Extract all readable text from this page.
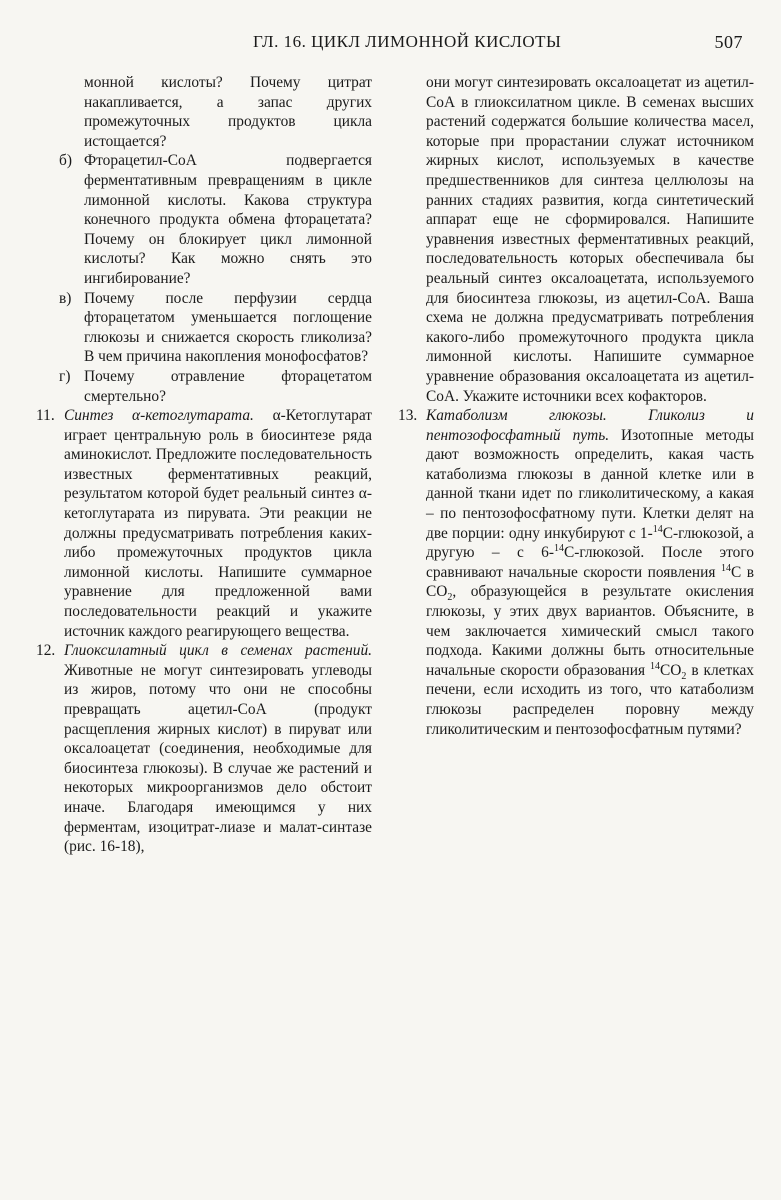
ГЛ. 16. ЦИКЛ ЛИМОННОЙ КИСЛОТЫ	507

монной кислоты? Почему цитрат накапливается, а запас других промежуточных продуктов цикла истощается?

б) Фторацетил-СоА подвергается ферментативным превращениям в цикле лимонной кислоты. Какова структура конечного продукта обмена фторацетата? Почему он блокирует цикл лимонной кислоты? Как можно снять это ингибирование?

в) Почему после перфузии сердца фторацетатом уменьшается поглощение глюкозы и снижается скорость гликолиза? В чем причина накопления монофосфатов?

г) Почему отравление фторацетатом смертельно?

11. Синтез α-кетоглутарата. α-Кетоглутарат играет центральную роль в биосинтезе ряда аминокислот. Предложите последовательность известных ферментативных реакций, результатом которой будет реальный синтез α-кетоглутарата из пирувата. Эти реакции не должны предусматривать потребления каких-либо промежуточных продуктов цикла лимонной кислоты. Напишите суммарное уравнение для предложенной вами последовательности реакций и укажите источник каждого реагирующего вещества.

12. Глиоксилатный цикл в семенах растений. Животные не могут синтезировать углеводы из жиров, потому что они не способны превращать ацетил-СоА (продукт расщепления жирных кислот) в пируват или оксалоацетат (соединения, необходимые для биосинтеза глюкозы). В случае же растений и некоторых микроорганизмов дело обстоит иначе. Благодаря имеющимся у них ферментам, изоцитрат-лиазе и малат-синтазе (рис. 16-18),

они могут синтезировать оксалоацетат из ацетил-СоА в глиоксилатном цикле. В семенах высших растений содержатся большие количества масел, которые при прорастании служат источником жирных кислот, используемых в качестве предшественников для синтеза целлюлозы на ранних стадиях развития, когда синтетический аппарат еще не сформировался. Напишите уравнения известных ферментативных реакций, последовательность которых обеспечивала бы реальный синтез оксалоацетата, используемого для биосинтеза глюкозы, из ацетил-СоА. Ваша схема не должна предусматривать потребления какого-либо промежуточного продукта цикла лимонной кислоты. Напишите суммарное уравнение образования оксалоацетата из ацетил-СоА. Укажите источники всех кофакторов.

13. Катаболизм глюкозы. Гликолиз и пентозофосфатный путь. Изотопные методы дают возможность определить, какая часть катаболизма глюкозы в данной клетке или в данной ткани идет по гликолитическому, а какая – по пентозофосфатному пути. Клетки делят на две порции: одну инкубируют с 1-$^{14}$С-глюкозой, а другую – с 6-$^{14}$С-глюкозой. После этого сравнивают начальные скорости появления $^{14}$С в $СО_2$, образующейся в результате окисления глюкозы, у этих двух вариантов. Объясните, в чем заключается химический смысл такого подхода. Какими должны быть относительные начальные скорости образования $^{14}СО_2$ в клетках печени, если исходить из того, что катаболизм глюкозы распределен поровну между гликолитическим и пентозофосфатным путями?
